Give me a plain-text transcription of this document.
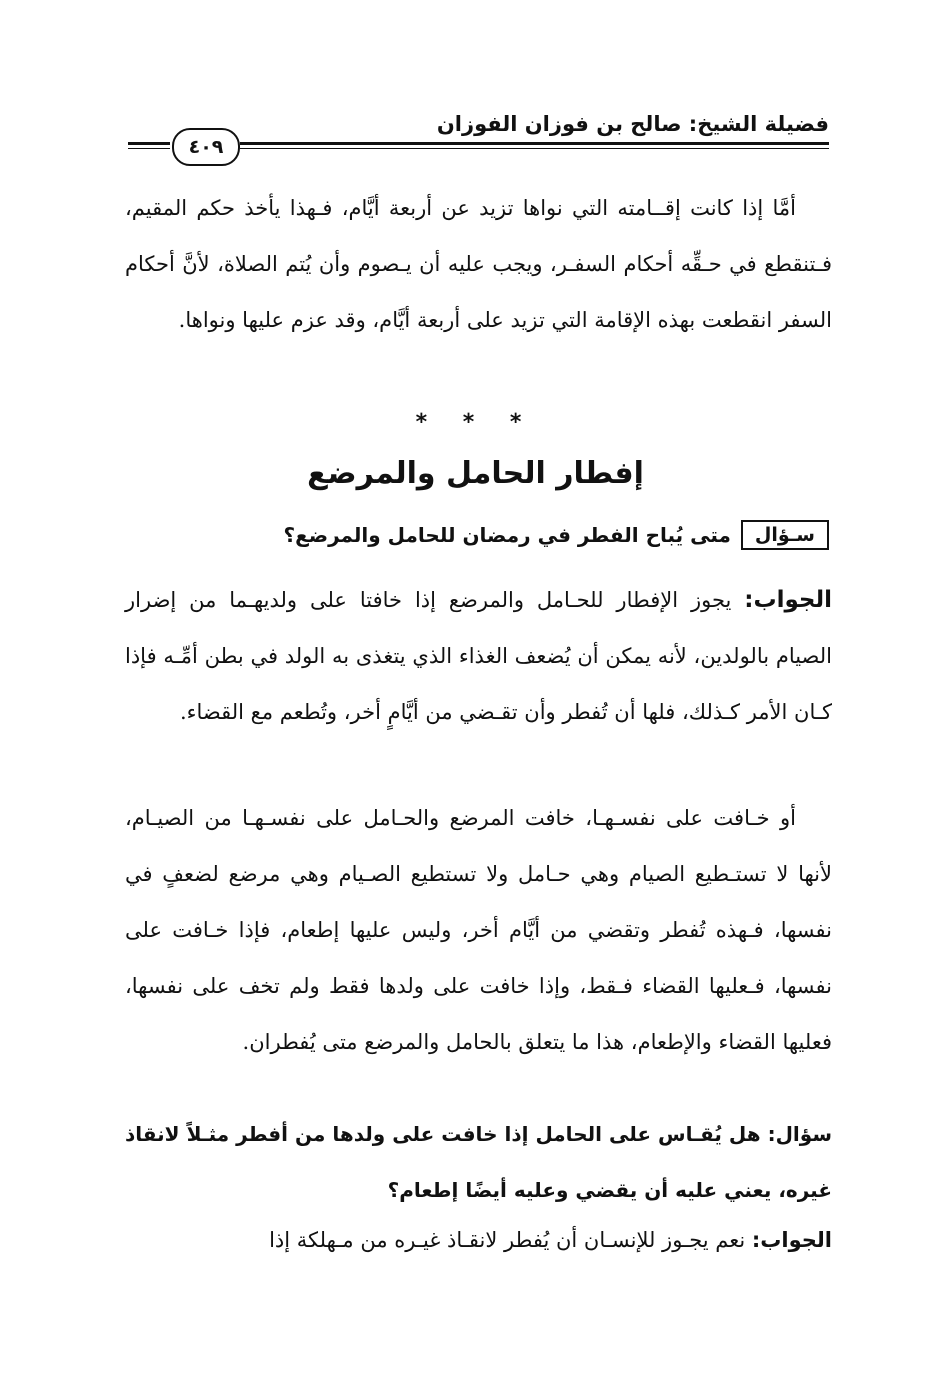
فضيلة الشيخ: صالح بن فوزان الفوزان
٤٠٩

أمَّا إذا كانت إقــامته التي نواها تزيد عن أربعة أيَّام، فـهذا يأخذ حكم المقيم، فـتنقطع في حـقِّه أحكام السفـر، ويجب عليه أن يـصوم وأن يُتم الصلاة، لأنَّ أحكام السفر انقطعت بهذه الإقامة التي تزيد على أربعة أيَّام، وقد عزم عليها ونواها.

* * *
إفطار الحامل والمرضع
سـؤال
متى يُباح الفطر في رمضان للحامل والمرضع؟

الجواب: يجوز الإفطار للحـامل والمرضع إذا خافتا على ولديهـما من إضرار الصيام بالولدين، لأنه يمكن أن يُضعف الغذاء الذي يتغذى به الولد في بطن أمِّـه فإذا كـان الأمر كـذلك، فلها أن تُفطر وأن تقـضي من أيَّامٍ أخر، وتُطعم مع القضاء.

أو خـافت على نفسـهـا، خافت المرضع والحـامل على نفسـهـا من الصيـام، لأنها لا تستـطيع الصيام وهي حـامل ولا تستطيع الصـيام وهي مرضع لضعفٍ في نفسها، فـهذه تُفطر وتقضي من أيَّام أخر، وليس عليها إطعام، فإذا خـافت على نفسها، فـعليها القضاء فـقط، وإذا خافت على ولدها فقط ولم تخف على نفسها، فعليها القضاء والإطعام، هذا ما يتعلق بالحامل والمرضع متى يُفطران.

سؤال: هل يُقـاس على الحامل إذا خافت على ولدها من أفطر مثـلاً لانقاذ غيره، يعني عليه أن يقضي وعليه أيضًا إطعام؟

الجواب: نعم يجـوز للإنسـان أن يُفطر لانقـاذ غيـره من مـهلكة إذا
